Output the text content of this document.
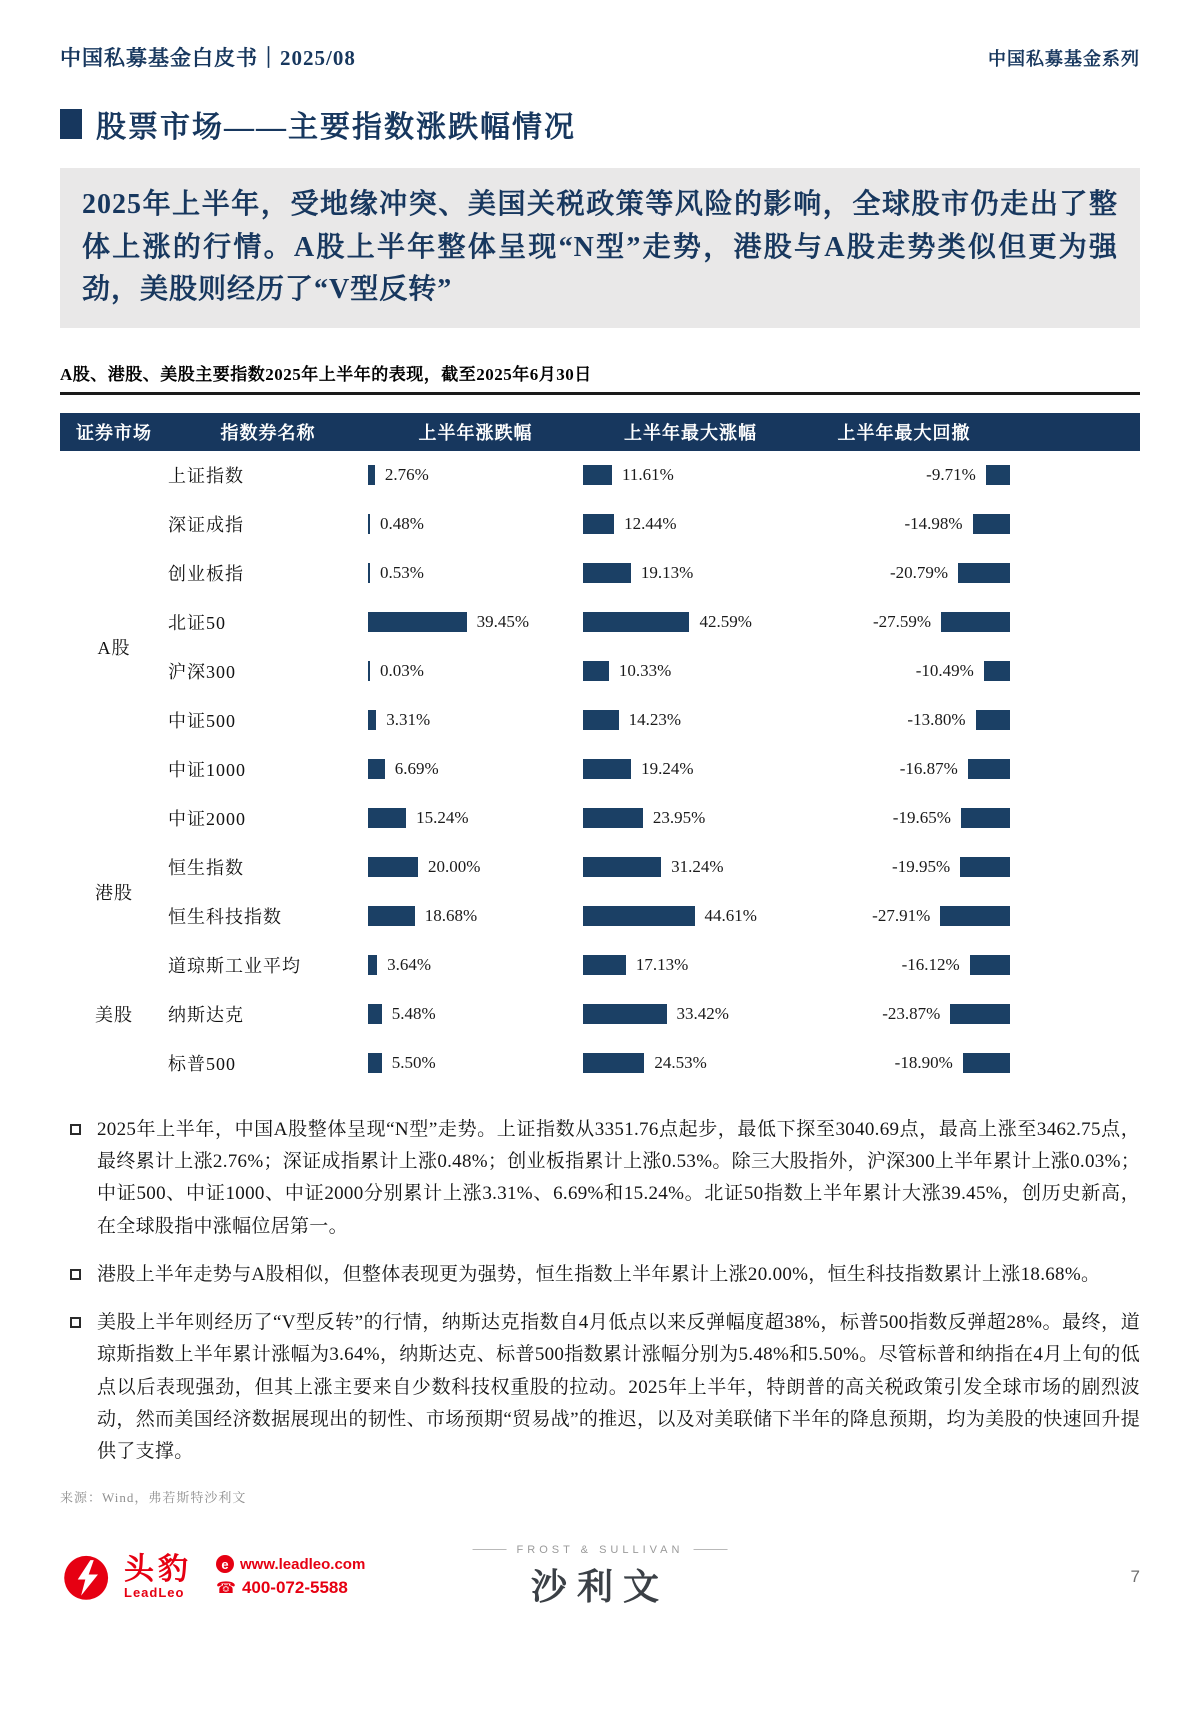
中国私募基金白皮书｜2025/08	中国私募基金系列
股票市场——主要指数涨跌幅情况
2025年上半年，受地缘冲突、美国关税政策等风险的影响，全球股市仍走出了整体上涨的行情。A股上半年整体呈现“N型”走势，港股与A股走势类似但更为强劲，美股则经历了“V型反转”
A股、港股、美股主要指数2025年上半年的表现，截至2025年6月30日
证券市场	指数券名称	上半年涨跌幅	上半年最大涨幅	上半年最大回撤
A股	上证指数	2.76%	11.61%	-9.71%

	深证成指	0.48%	12.44%	-14.98%

	创业板指	0.53%	19.13%	-20.79%

	北证50	39.45%	42.59%	-27.59%

	沪深300	0.03%	10.33%	-10.49%

	中证500	3.31%	14.23%	-13.80%

	中证1000	6.69%	19.24%	-16.87%

	中证2000	15.24%	23.95%	-19.65%

港股	恒生指数	20.00%	31.24%	-19.95%

	恒生科技指数	18.68%	44.61%	-27.91%

美股	道琼斯工业平均	3.64%	17.13%	-16.12%

	纳斯达克	5.48%	33.42%	-23.87%

	标普500	5.50%	24.53%	-18.90%
2025年上半年，中国A股整体呈现“N型”走势。上证指数从3351.76点起步，最低下探至3040.69点，最高上涨至3462.75点，最终累计上涨2.76%；深证成指累计上涨0.48%；创业板指累计上涨0.53%。除三大股指外，沪深300上半年累计上涨0.03%；中证500、中证1000、中证2000分别累计上涨3.31%、6.69%和15.24%。北证50指数上半年累计大涨39.45%，创历史新高，在全球股指中涨幅位居第一。
港股上半年走势与A股相似，但整体表现更为强势，恒生指数上半年累计上涨20.00%，恒生科技指数累计上涨18.68%。
美股上半年则经历了“V型反转”的行情，纳斯达克指数自4月低点以来反弹幅度超38%，标普500指数反弹超28%。最终，道琼斯指数上半年累计涨幅为3.64%，纳斯达克、标普500指数累计涨幅分别为5.48%和5.50%。尽管标普和纳指在4月上旬的低点以后表现强劲，但其上涨主要来自少数科技权重股的拉动。2025年上半年，特朗普的高关税政策引发全球市场的剧烈波动，然而美国经济数据展现出的韧性、市场预期“贸易战”的推迟，以及对美联储下半年的降息预期，均为美股的快速回升提供了支撑。
来源：Wind，弗若斯特沙利文
头豹
LeadLeo
e www.leadleo.com
☎ 400-072-5588
FROST & SULLIVAN
沙利文	7
